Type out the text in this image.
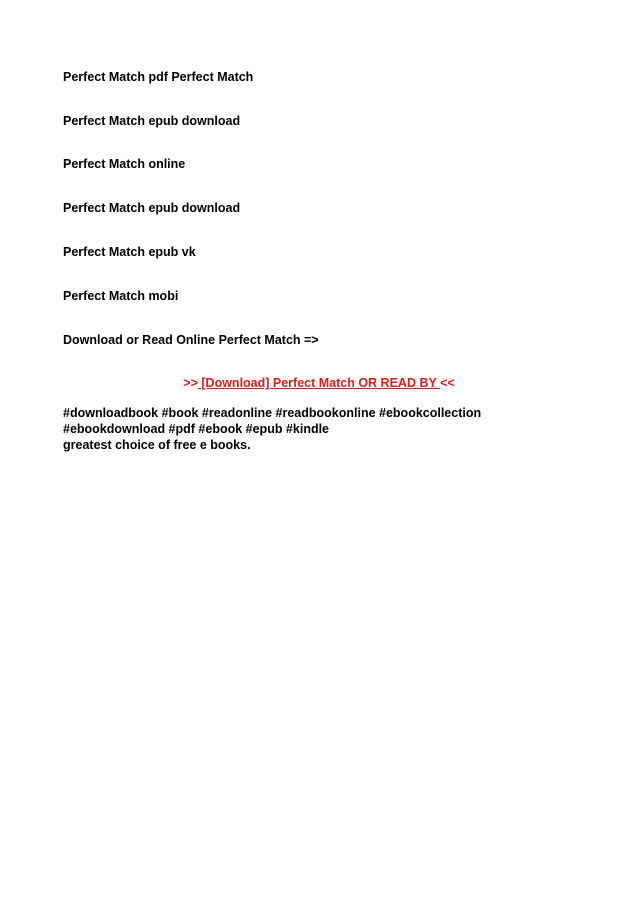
Perfect Match pdf Perfect Match
Perfect Match epub download
Perfect Match online
Perfect Match epub download
Perfect Match epub vk
Perfect Match mobi
Download or Read Online Perfect Match =>
>> [Download] Perfect Match OR READ BY <<
#downloadbook #book #readonline #readbookonline #ebookcollection
#ebookdownload #pdf #ebook #epub #kindle
greatest choice of free e books.
